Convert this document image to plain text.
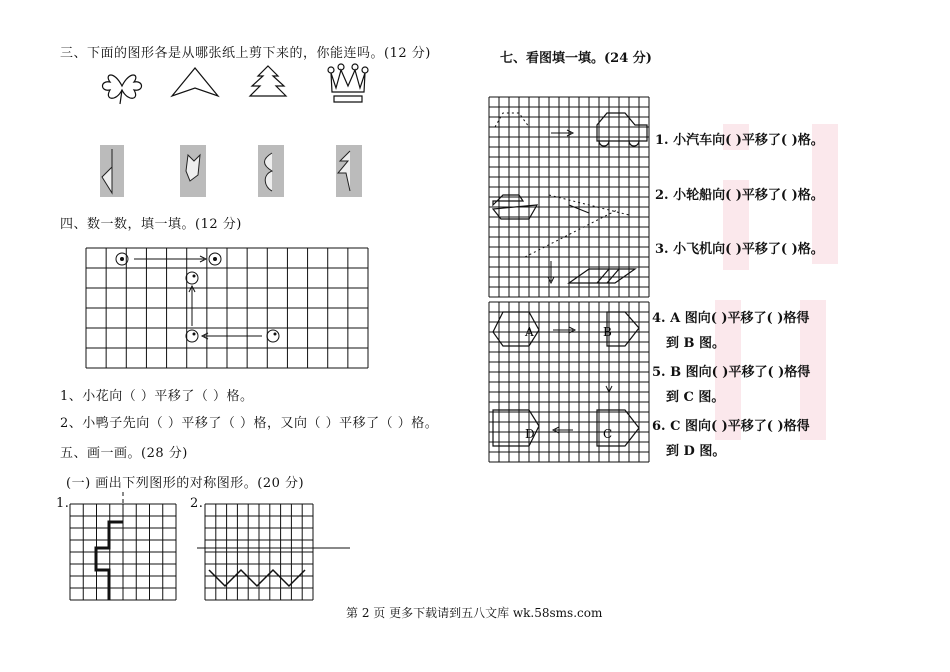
三、下面的图形各是从哪张纸上剪下来的，你能连吗。(12 分)
四、数一数，填一填。(12 分)
1、小花向（ ）平移了（ ）格。
2、小鸭子先向（ ）平移了（ ）格，又向（ ）平移了（ ）格。
五、画一画。(28 分)
(一) 画出下列图形的对称图形。(20 分)
1.	2.
七、看图填一填。(24 分)
A	B
C
D
1. 小汽车向( )平移了( )格。
2. 小轮船向( )平移了( )格。
3. 小飞机向( )平移了( )格。
4. A 图向( )平移了( )格得
到 B 图。
5. B 图向( )平移了( )格得
到 C 图。
6. C 图向( )平移了( )格得
到 D 图。
第 2 页 更多下载请到五八文库 wk.58sms.com
